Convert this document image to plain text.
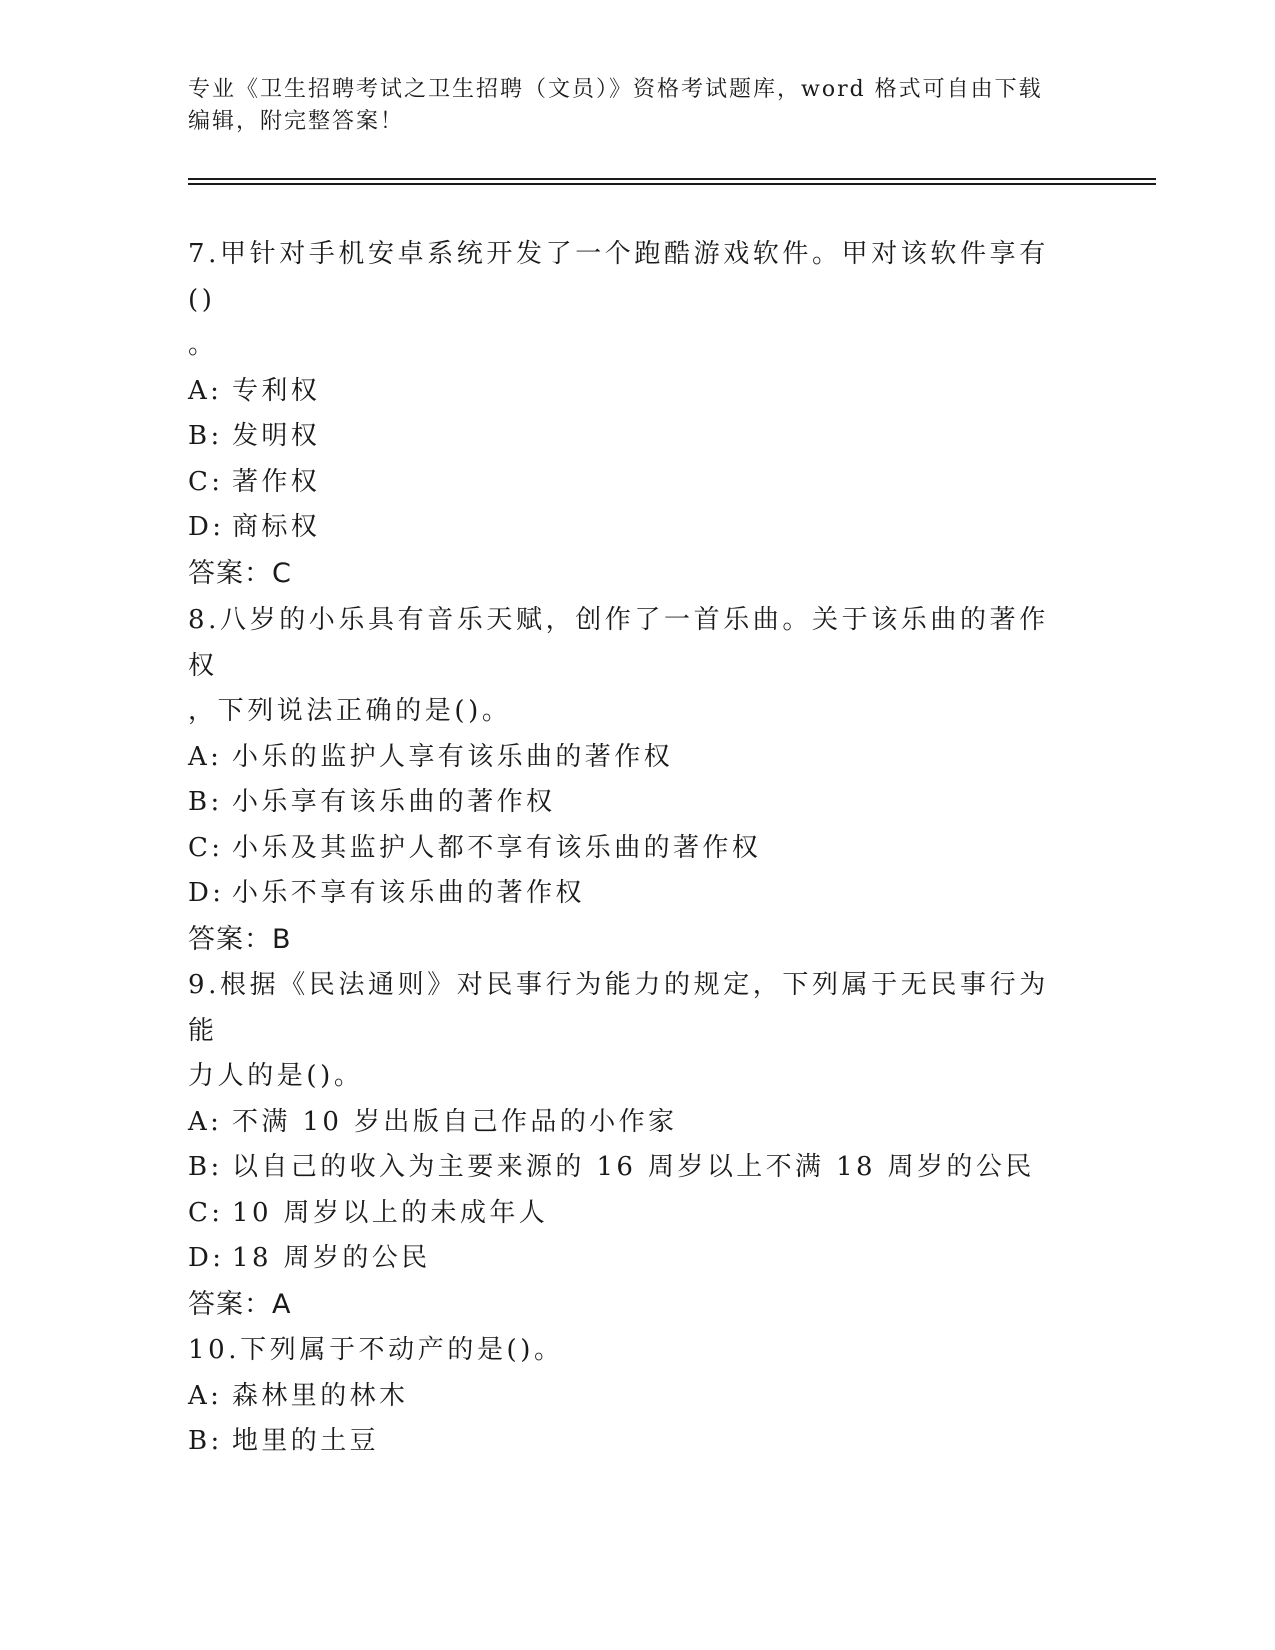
专业《卫生招聘考试之卫生招聘（文员）》资格考试题库，word 格式可自由下载
编辑，附完整答案！
7.甲针对手机安卓系统开发了一个跑酷游戏软件。甲对该软件享有()
。
A: 专利权
B: 发明权
C: 著作权
D: 商标权
答案：C
8.八岁的小乐具有音乐天赋，创作了一首乐曲。关于该乐曲的著作权
，下列说法正确的是()。
A: 小乐的监护人享有该乐曲的著作权
B: 小乐享有该乐曲的著作权
C: 小乐及其监护人都不享有该乐曲的著作权
D: 小乐不享有该乐曲的著作权
答案：B
9.根据《民法通则》对民事行为能力的规定，下列属于无民事行为能
力人的是()。
A: 不满 10 岁出版自己作品的小作家
B: 以自己的收入为主要来源的 16 周岁以上不满 18 周岁的公民
C: 10 周岁以上的未成年人
D: 18 周岁的公民
答案：A
10.下列属于不动产的是()。
A: 森林里的林木
B: 地里的土豆
